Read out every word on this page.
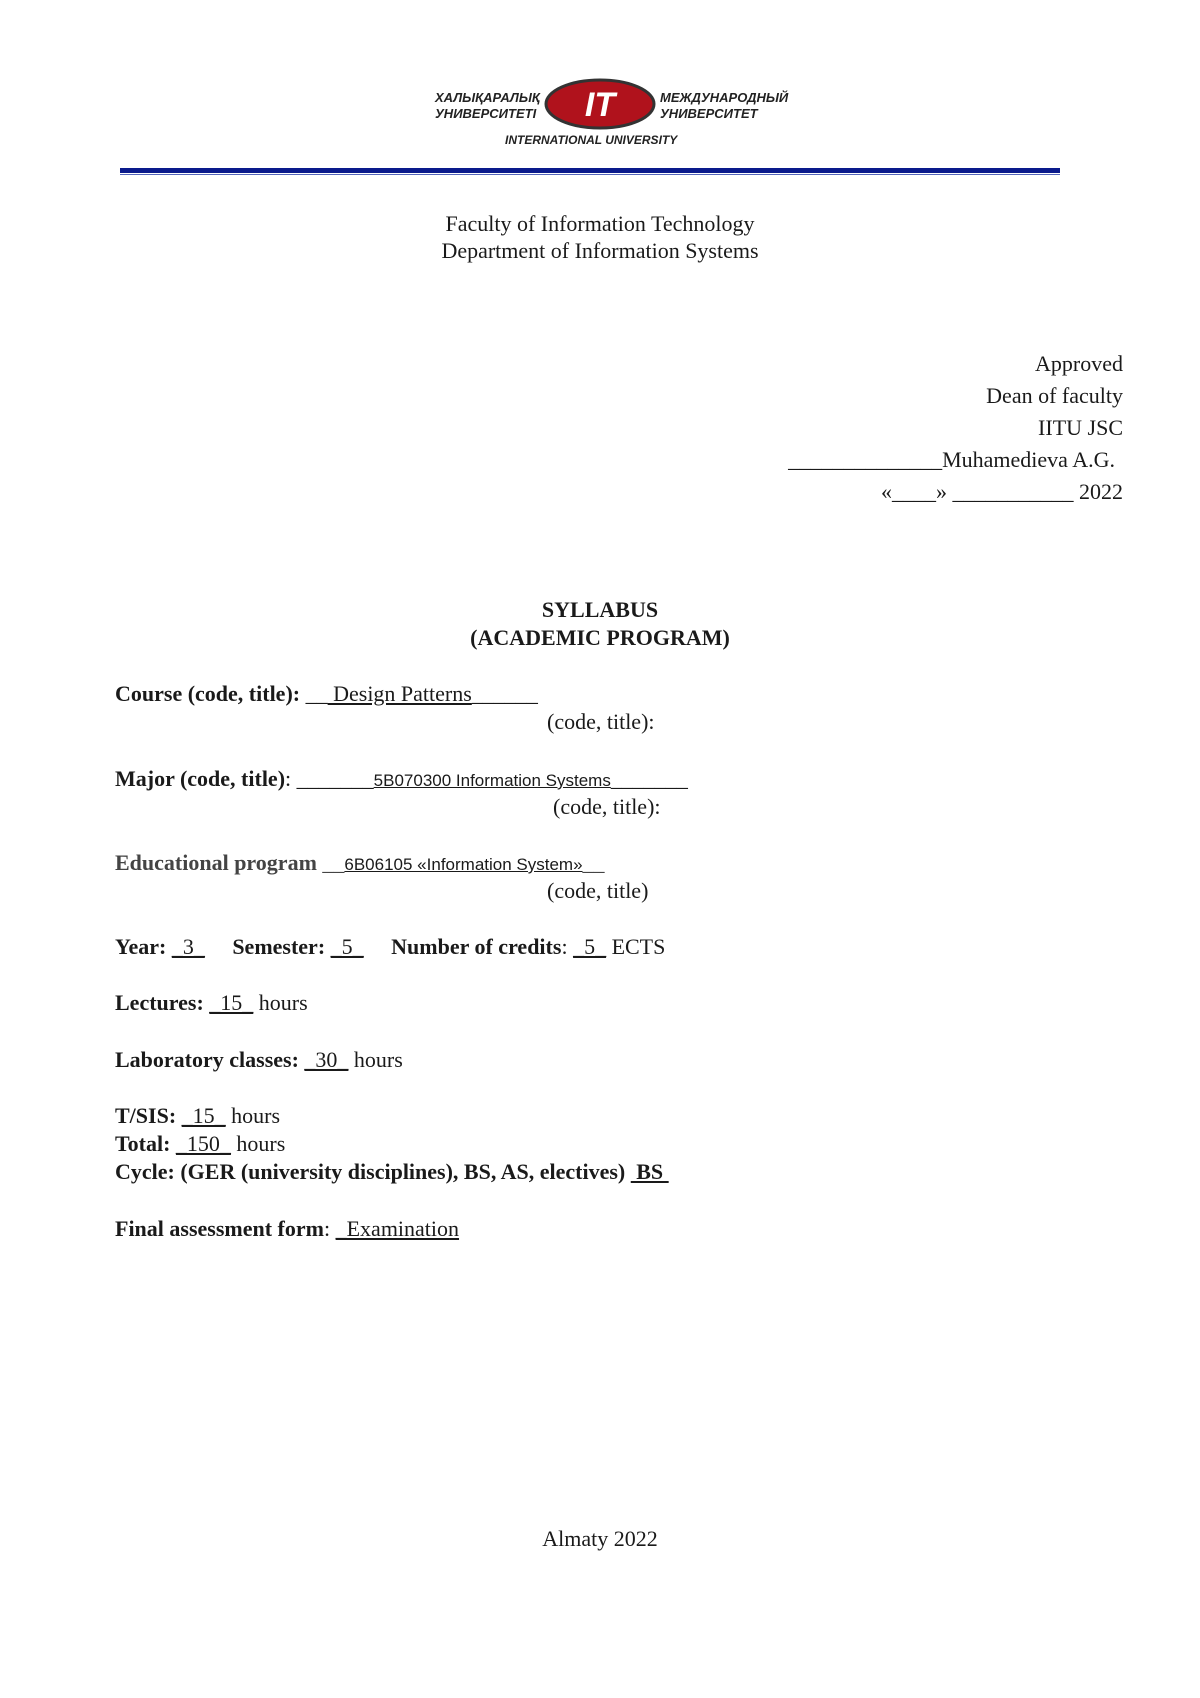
ХАЛЫҚАРАЛЫҚ
УНИВЕРСИТЕТІ IT	МЕЖДУНАРОДНЫЙ
УНИВЕРСИТЕТ
INTERNATIONAL UNIVERSITY
Faculty of Information Technology
Department of Information Systems
Approved
Dean of faculty
IITU JSC
______________Muhamedieva A.G.
«____» ___________ 2022
SYLLABUS
(ACADEMIC PROGRAM)
Course (code, title): __ Design Patterns______
(code, title):
Major (code, title): _______5B070300 Information Systems_______
(code, title):
Educational program __6B06105 «Information System»__
(code, title)
Year: _3_ Semester: _5_ Number of credits: _5_ ECTS
Lectures: _15_ hours
Laboratory classes: _30_ hours
T/SIS: _15_ hours
Total: _150_ hours
Cycle: (GER (university disciplines), BS, AS, electives)  BS
Final assessment form: _Examination
Almaty 2022
